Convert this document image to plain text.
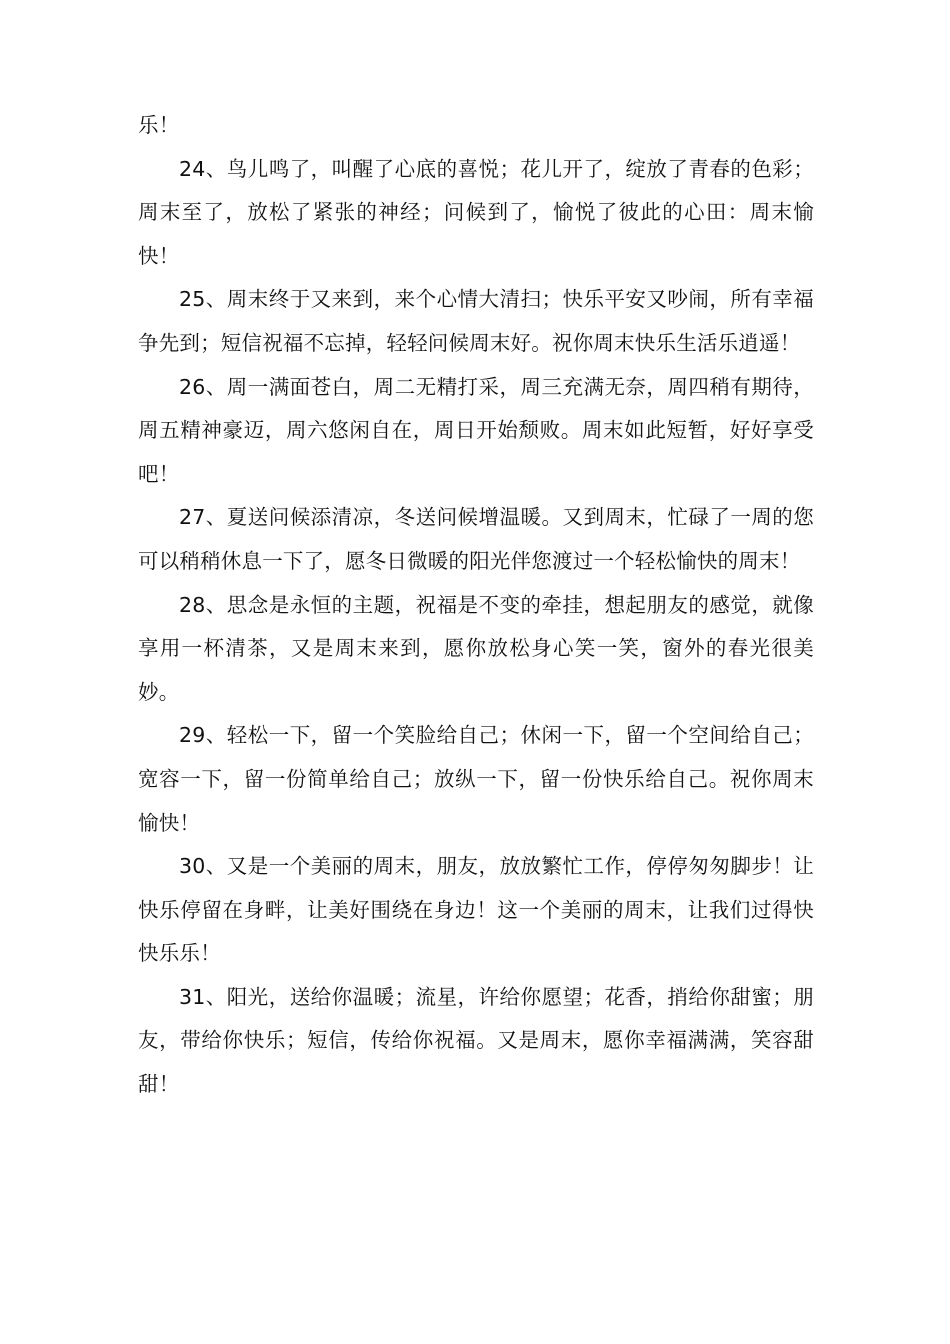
乐！

24、鸟儿鸣了，叫醒了心底的喜悦；花儿开了，绽放了青春的色彩；周末至了，放松了紧张的神经；问候到了，愉悦了彼此的心田：周末愉快！

25、周末终于又来到，来个心情大清扫；快乐平安又吵闹，所有幸福争先到；短信祝福不忘掉，轻轻问候周末好。祝你周末快乐生活乐逍遥！

26、周一满面苍白，周二无精打采，周三充满无奈，周四稍有期待，周五精神豪迈，周六悠闲自在，周日开始颓败。周末如此短暂，好好享受吧！

27、夏送问候添清凉，冬送问候增温暖。又到周末，忙碌了一周的您可以稍稍休息一下了，愿冬日微暖的阳光伴您渡过一个轻松愉快的周末！

28、思念是永恒的主题，祝福是不变的牵挂，想起朋友的感觉，就像享用一杯清茶，又是周末来到，愿你放松身心笑一笑，窗外的春光很美妙。

29、轻松一下，留一个笑脸给自己；休闲一下，留一个空间给自己；宽容一下，留一份简单给自己；放纵一下，留一份快乐给自己。祝你周末愉快！

30、又是一个美丽的周末，朋友，放放繁忙工作，停停匆匆脚步！让快乐停留在身畔，让美好围绕在身边！这一个美丽的周末，让我们过得快快乐乐！

31、阳光，送给你温暖；流星，许给你愿望；花香，捎给你甜蜜；朋友，带给你快乐；短信，传给你祝福。又是周末，愿你幸福满满，笑容甜甜！
